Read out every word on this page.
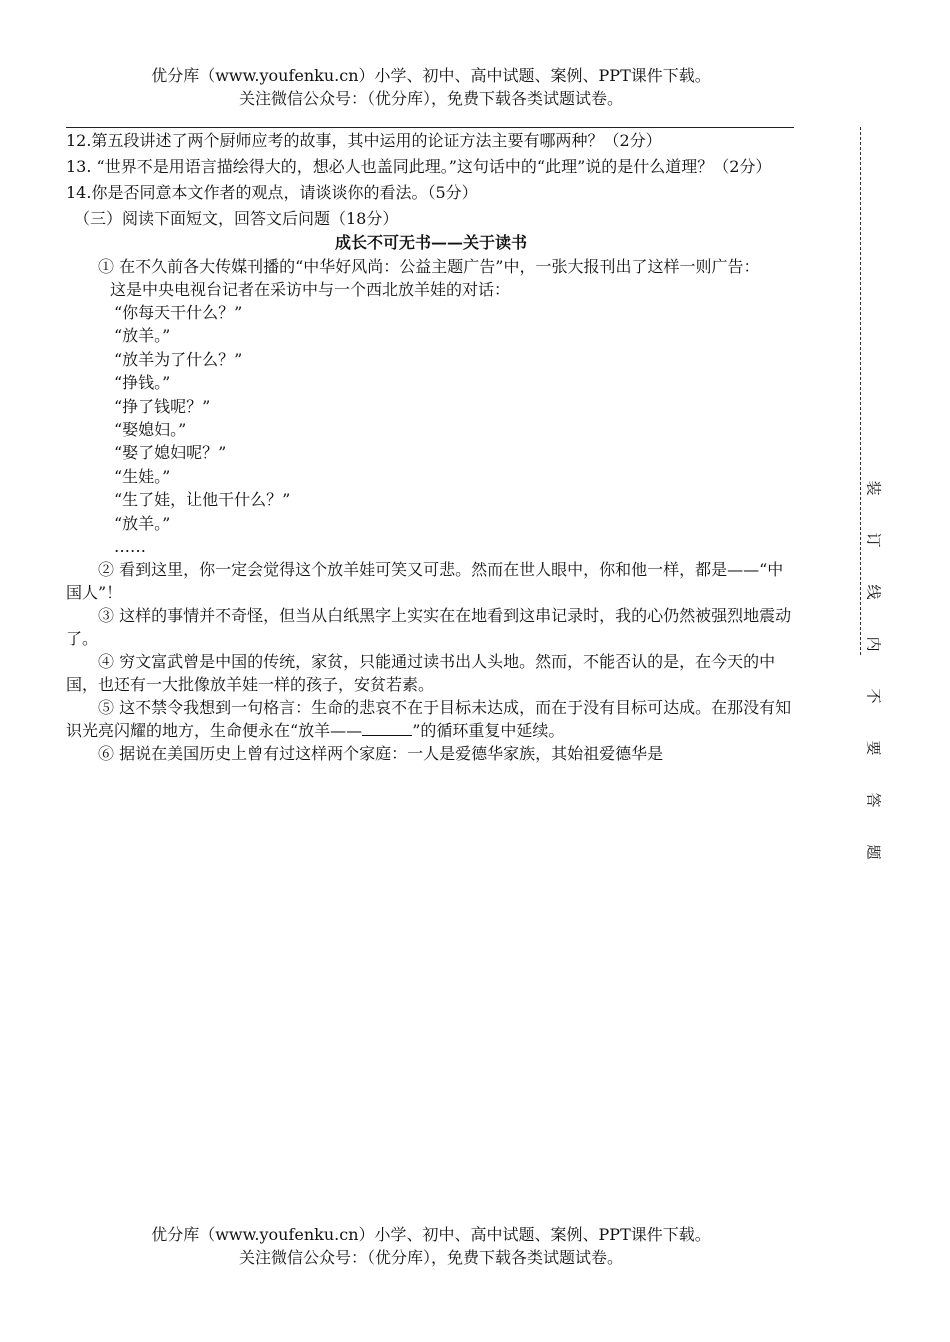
优分库（www.youfenku.cn）小学、初中、高中试题、案例、PPT课件下载。
关注微信公众号：（优分库），免费下载各类试题试卷。

12.第五段讲述了两个厨师应考的故事，其中运用的论证方法主要有哪两种？（2分）

13. “世界不是用语言描绘得大的，想必人也盖同此理。”这句话中的“此理”说的是什么道理？（2分）

14.你是否同意本文作者的观点，请谈谈你的看法。（5分）

（三）阅读下面短文，回答文后问题（18分）

成长不可无书——关于读书

① 在不久前各大传媒刊播的“中华好风尚：公益主题广告”中，一张大报刊出了这样一则广告：

这是中央电视台记者在采访中与一个西北放羊娃的对话：

“你每天干什么？”

“放羊。”

“放羊为了什么？”

“挣钱。”

“挣了钱呢？”

“娶媳妇。”

“娶了媳妇呢？”

“生娃。”

“生了娃，让他干什么？”

“放羊。”

……

② 看到这里，你一定会觉得这个放羊娃可笑又可悲。然而在世人眼中，你和他一样，都是——“中国人”！

③ 这样的事情并不奇怪，但当从白纸黑字上实实在在地看到这串记录时，我的心仍然被强烈地震动了。

④ 穷文富武曾是中国的传统，家贫，只能通过读书出人头地。然而，不能否认的是，在今天的中国，也还有一大批像放羊娃一样的孩子，安贫若素。

⑤ 这不禁令我想到一句格言：生命的悲哀不在于目标未达成，而在于没有目标可达成。在那没有知识光亮闪耀的地方，生命便永在“放羊——	”的循环重复中延续。

⑥ 据说在美国历史上曾有过这样两个家庭：一人是爱德华家族，其始祖爱德华是

装
订
线
内
不
要
答
题
优分库（www.youfenku.cn）小学、初中、高中试题、案例、PPT课件下载。
关注微信公众号：（优分库），免费下载各类试题试卷。
